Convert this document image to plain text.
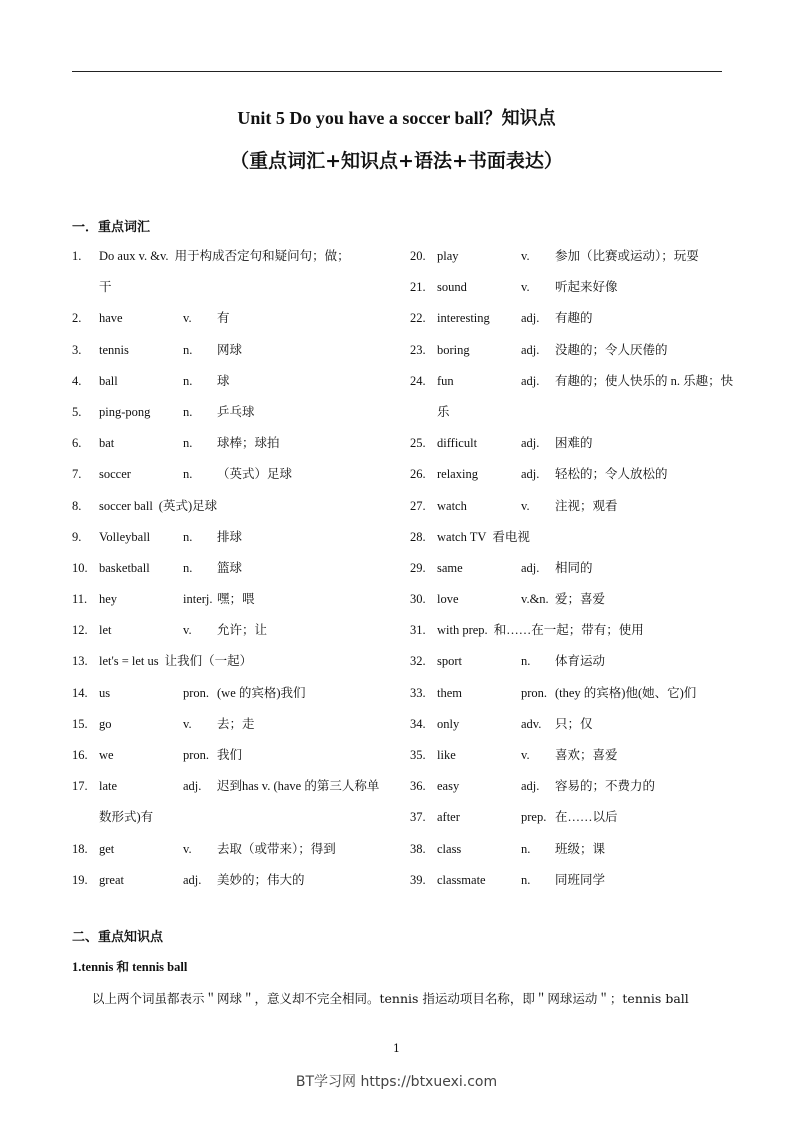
Unit 5 Do you have a soccer ball？知识点
（重点词汇+知识点+语法+书面表达）
一．重点词汇
1. Do aux v. &v. 用于构成否定句和疑问句；做；
干
2. have	v. 有
3. tennis	n. 网球
4. ball	n. 球
5. ping-pong	n. 乒乓球
6. bat	n. 球棒；球拍
7. soccer	n. （英式）足球
8. soccer ball (英式)足球
9. Volleyball	n. 排球
10. basketball	n. 篮球
11. hey	interj. 嘿；喂
12. let	v. 允许；让
13. let's = let us 让我们（一起）
14. us	pron. (we 的宾格)我们
15. go	v. 去；走
16. we	pron. 我们
17. late	adj. 迟到has v. (have 的第三人称单
数形式)有
18. get	v. 去取（或带来）；得到
19. great	adj. 美妙的；伟大的
20. play	v. 参加（比赛或运动）；玩耍
21. sound	v. 听起来好像
22. interesting adj. 有趣的
23. boring	adj. 没趣的；令人厌倦的
24. fun	adj. 有趣的；使人快乐的 n. 乐趣；快
乐
25. difficult	adj. 困难的
26. relaxing	adj. 轻松的；令人放松的
27. watch	v. 注视；观看
28. watch TV 看电视
29. same	adj. 相同的
30. love	v.&n. 爱；喜爱
31. with prep. 和……在一起；带有；使用
32. sport	n. 体育运动
33. them	pron. (they 的宾格)他(她、它)们
34. only	adv. 只；仅
35. like	v. 喜欢；喜爱
36. easy	adj. 容易的；不费力的
37. after	prep. 在……以后
38. class	n. 班级；课
39. classmate	n. 同班同学
二、重点知识点
1.tennis 和 tennis ball
以上两个词虽都表示＂网球＂，意义却不完全相同。tennis 指运动项目名称，即＂网球运动＂；tennis ball
1
BT学习网 https://btxuexi.com
